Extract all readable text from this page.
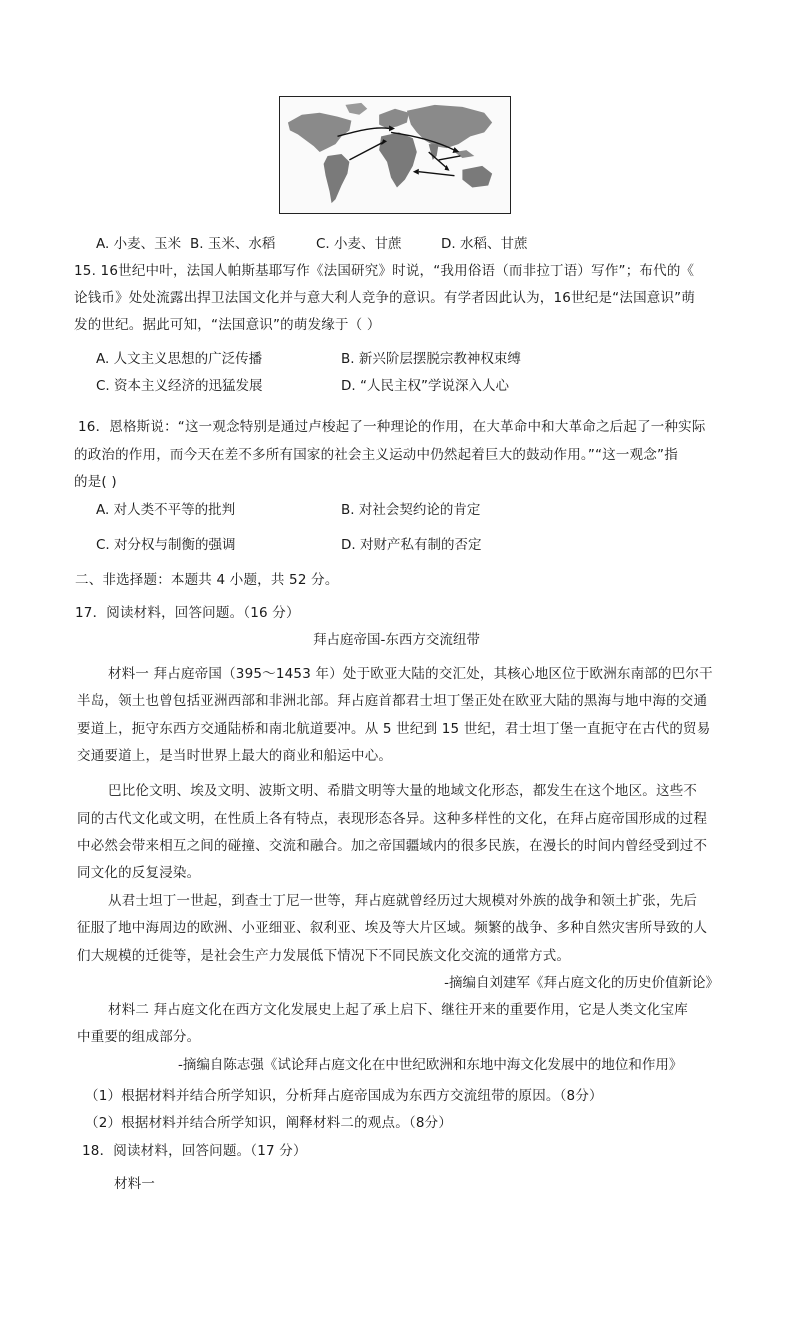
A. 小麦、玉米 B. 玉米、水稻	C. 小麦、甘蔗	D. 水稻、甘蔗
15. 16世纪中叶，法国人帕斯基耶写作《法国研究》时说，“我用俗语（而非拉丁语）写作”；布代的《
论钱币》处处流露出捍卫法国文化并与意大利人竞争的意识。有学者因此认为，16世纪是“法国意识”萌
发的世纪。据此可知，“法国意识”的萌发缘于（ ）
A. 人文主义思想的广泛传播	B. 新兴阶层摆脱宗教神权束缚
C. 资本主义经济的迅猛发展	D. “人民主权”学说深入人心
16．恩格斯说：“这一观念特别是通过卢梭起了一种理论的作用，在大革命中和大革命之后起了一种实际
的政治的作用，而今天在差不多所有国家的社会主义运动中仍然起着巨大的鼓动作用。”“这一观念”指
的是( )
A. 对人类不平等的批判	B. 对社会契约论的肯定
C. 对分权与制衡的强调	D. 对财产私有制的否定
二、非选择题：本题共 4 小题，共 52 分。
17．阅读材料，回答问题。（16 分）
拜占庭帝国-东西方交流纽带
材料一 拜占庭帝国（395～1453 年）处于欧亚大陆的交汇处，其核心地区位于欧洲东南部的巴尔干
半岛，领土也曾包括亚洲西部和非洲北部。拜占庭首都君士坦丁堡正处在欧亚大陆的黑海与地中海的交通
要道上，扼守东西方交通陆桥和南北航道要冲。从 5 世纪到 15 世纪，君士坦丁堡一直扼守在古代的贸易
交通要道上，是当时世界上最大的商业和船运中心。
巴比伦文明、埃及文明、波斯文明、希腊文明等大量的地域文化形态，都发生在这个地区。这些不
同的古代文化或文明，在性质上各有特点，表现形态各异。这种多样性的文化，在拜占庭帝国形成的过程
中必然会带来相互之间的碰撞、交流和融合。加之帝国疆域内的很多民族，在漫长的时间内曾经受到过不
同文化的反复浸染。
从君士坦丁一世起，到查士丁尼一世等，拜占庭就曾经历过大规模对外族的战争和领土扩张，先后
征服了地中海周边的欧洲、小亚细亚、叙利亚、埃及等大片区域。频繁的战争、多种自然灾害所导致的人
们大规模的迁徙等，是社会生产力发展低下情况下不同民族文化交流的通常方式。
-摘编自刘建军《拜占庭文化的历史价值新论》
材料二 拜占庭文化在西方文化发展史上起了承上启下、继往开来的重要作用，它是人类文化宝库
中重要的组成部分。
-摘编自陈志强《试论拜占庭文化在中世纪欧洲和东地中海文化发展中的地位和作用》
（1）根据材料并结合所学知识，分析拜占庭帝国成为东西方交流纽带的原因。（8分）
（2）根据材料并结合所学知识，阐释材料二的观点。（8分）
18．阅读材料，回答问题。（17 分）
材料一
